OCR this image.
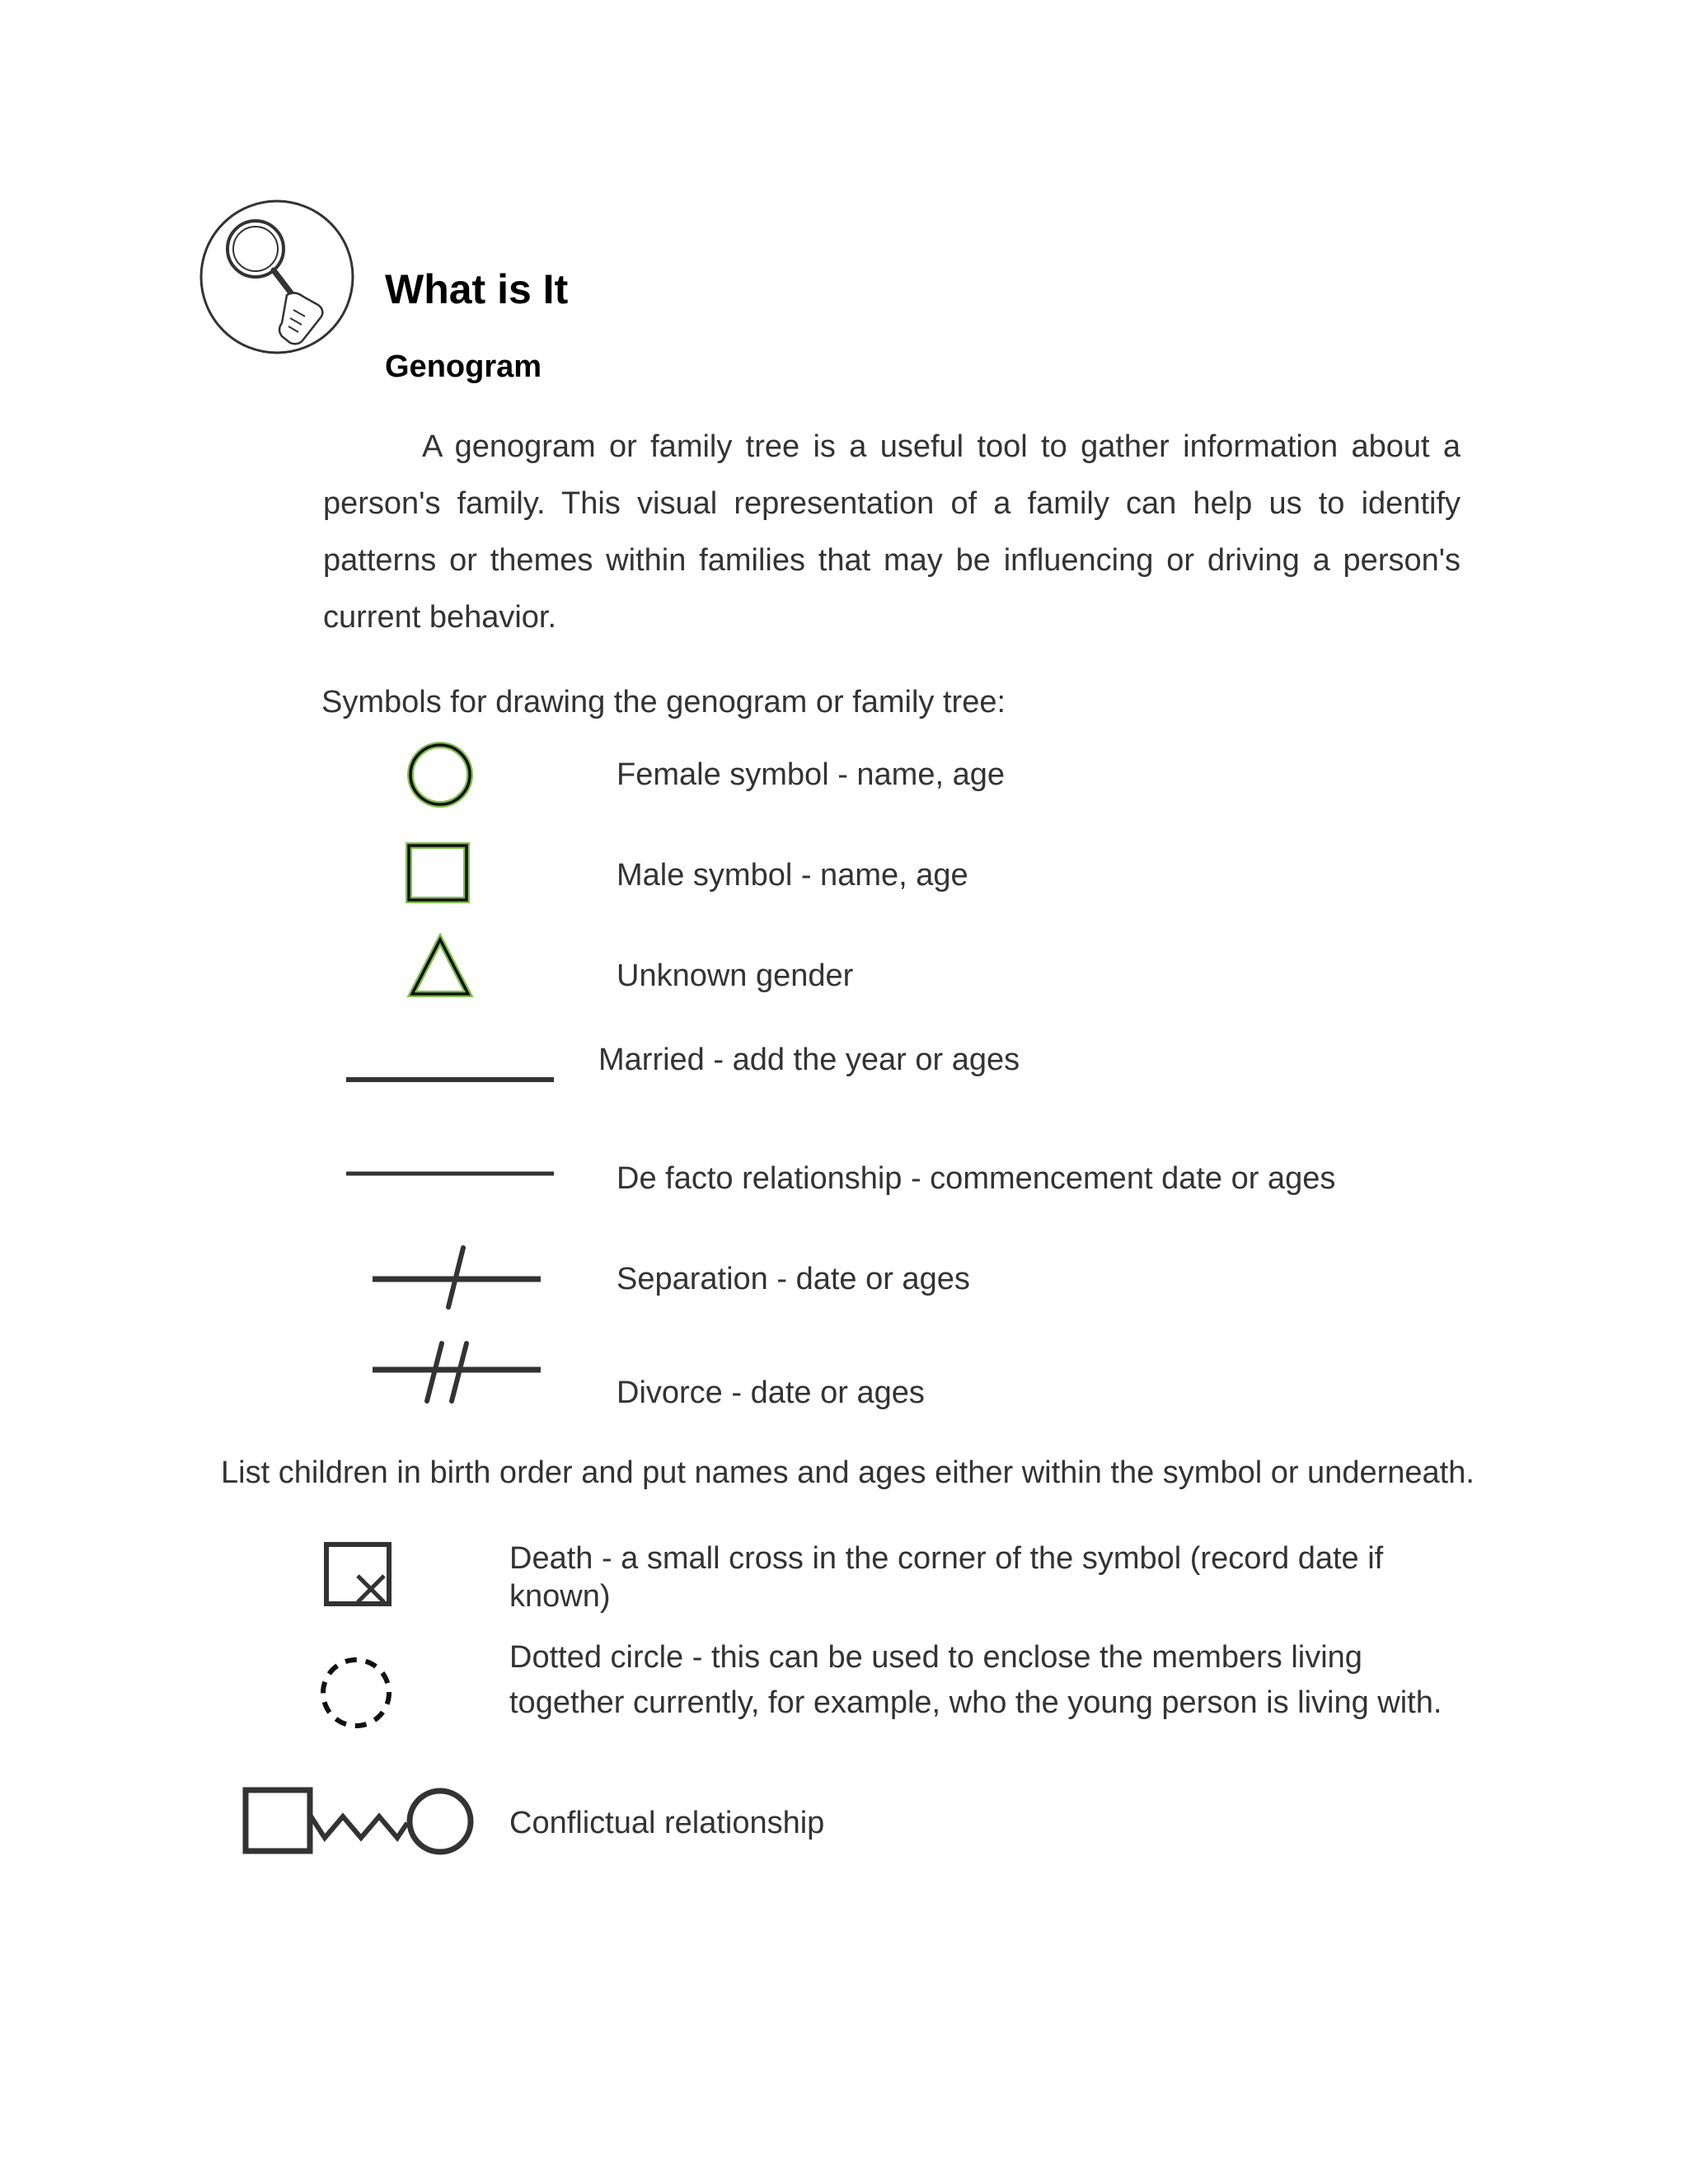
What is It
Genogram
A genogram or family tree is a useful tool to gather information about a person's family. This visual representation of a family can help us to identify patterns or themes within families that may be influencing or driving a person's current behavior.
Symbols for drawing the genogram or family tree:
Female symbol - name, age
Male symbol - name, age
Unknown gender
Married - add the year or ages
De facto relationship - commencement date or ages
Separation - date or ages
Divorce - date or ages
List children in birth order and put names and ages either within the symbol or underneath.
Death - a small cross in the corner of the symbol (record date if known)
Dotted circle - this can be used to enclose the members living together currently, for example, who the young person is living with.
Conflictual relationship
